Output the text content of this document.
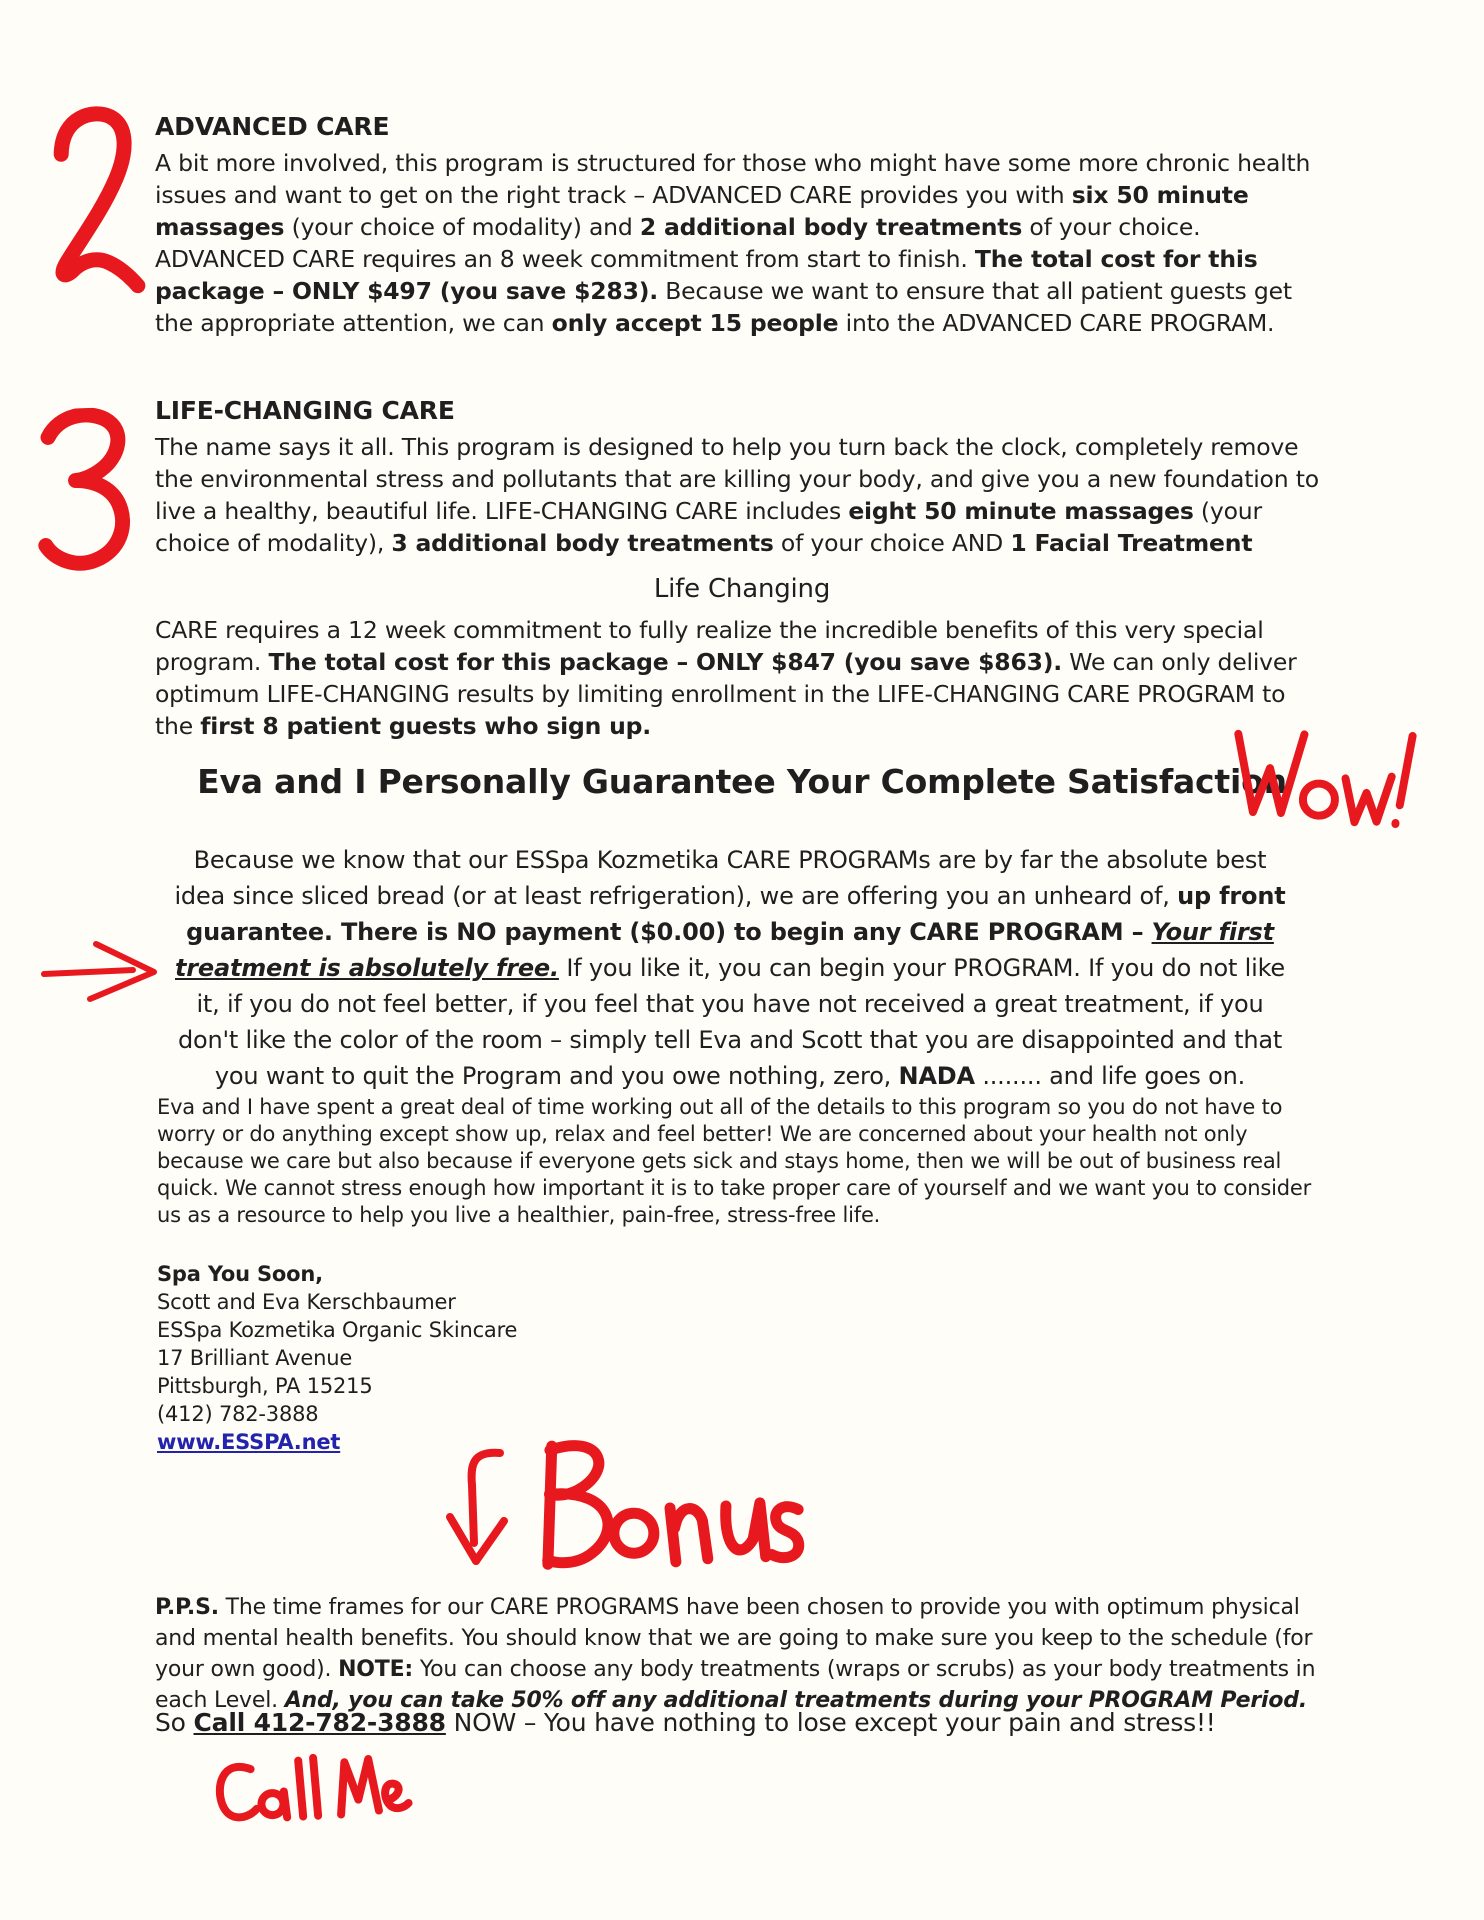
ADVANCED CARE

A bit more involved, this program is structured for those who might have some more chronic health issues and want to get on the right track – ADVANCED CARE provides you with six 50 minute massages (your choice of modality) and 2 additional body treatments of your choice. ADVANCED CARE requires an 8 week commitment from start to finish. The total cost for this package – ONLY $497 (you save $283). Because we want to ensure that all patient guests get the appropriate attention, we can only accept 15 people into the ADVANCED CARE PROGRAM.

LIFE-CHANGING CARE

The name says it all. This program is designed to help you turn back the clock, completely remove the environmental stress and pollutants that are killing your body, and give you a new foundation to live a healthy, beautiful life. LIFE-CHANGING CARE includes eight 50 minute massages (your choice of modality), 3 additional body treatments of your choice AND 1 Facial Treatment

Life Changing

CARE requires a 12 week commitment to fully realize the incredible benefits of this very special program. The total cost for this package – ONLY $847 (you save $863). We can only deliver optimum LIFE-CHANGING results by limiting enrollment in the LIFE-CHANGING CARE PROGRAM to the first 8 patient guests who sign up.

Eva and I Personally Guarantee Your Complete Satisfaction

Because we know that our ESSpa Kozmetika CARE PROGRAMs are by far the absolute best idea since sliced bread (or at least refrigeration), we are offering you an unheard of, up front guarantee. There is NO payment ($0.00) to begin any CARE PROGRAM – Your first treatment is absolutely free. If you like it, you can begin your PROGRAM. If you do not like it, if you do not feel better, if you feel that you have not received a great treatment, if you don't like the color of the room – simply tell Eva and Scott that you are disappointed and that you want to quit the Program and you owe nothing, zero, NADA ........ and life goes on.

Eva and I have spent a great deal of time working out all of the details to this program so you do not have to worry or do anything except show up, relax and feel better! We are concerned about your health not only because we care but also because if everyone gets sick and stays home, then we will be out of business real quick. We cannot stress enough how important it is to take proper care of yourself and we want you to consider us as a resource to help you live a healthier, pain-free, stress-free life.

Spa You Soon,
Scott and Eva Kerschbaumer
ESSpa Kozmetika Organic Skincare
17 Brilliant Avenue
Pittsburgh, PA 15215
(412) 782-3888
www.ESSPA.net

P.P.S. The time frames for our CARE PROGRAMS have been chosen to provide you with optimum physical and mental health benefits. You should know that we are going to make sure you keep to the schedule (for your own good). NOTE: You can choose any body treatments (wraps or scrubs) as your body treatments in each Level. And, you can take 50% off any additional treatments during your PROGRAM Period.

So Call 412-782-3888 NOW – You have nothing to lose except your pain and stress!!
